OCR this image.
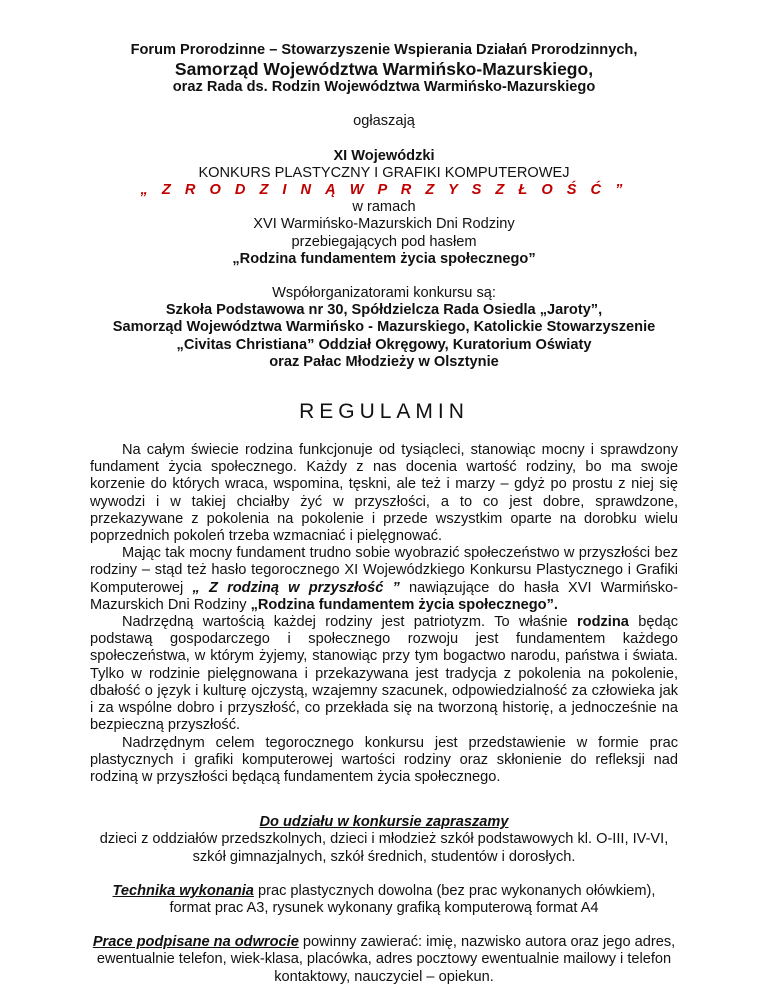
Forum Prorodzinne – Stowarzyszenie Wspierania Działań Prorodzinnych,

Samorząd Województwa Warmińsko-Mazurskiego,

oraz Rada ds. Rodzin Województwa Warmińsko-Mazurskiego

ogłaszają

XI Wojewódzki

KONKURS PLASTYCZNY I GRAFIKI KOMPUTEROWEJ

„ Z R O D Z I N Ą W P R Z Y S Z Ł O Ś Ć ”

w ramach

XVI Warmińsko-Mazurskich Dni Rodziny

przebiegających pod hasłem

„Rodzina fundamentem życia społecznego”

Współorganizatorami konkursu są:

Szkoła Podstawowa nr 30, Spółdzielcza Rada Osiedla „Jaroty”,

Samorząd Województwa Warmińsko - Mazurskiego, Katolickie Stowarzyszenie

„Civitas Christiana” Oddział Okręgowy, Kuratorium Oświaty

oraz Pałac Młodzieży w Olsztynie

REGULAMIN

Na całym świecie rodzina funkcjonuje od tysiącleci, stanowiąc mocny i sprawdzony fundament życia społecznego. Każdy z nas docenia wartość rodziny, bo ma swoje korzenie do których wraca, wspomina, tęskni, ale też i marzy – gdyż po prostu z niej się wywodzi i w takiej chciałby żyć w przyszłości, a to co jest dobre, sprawdzone, przekazywane z pokolenia na pokolenie i przede wszystkim oparte na dorobku wielu poprzednich pokoleń trzeba wzmacniać i pielęgnować.

Mając tak mocny fundament trudno sobie wyobrazić społeczeństwo w przyszłości bez rodziny – stąd też hasło tegorocznego XI Wojewódzkiego Konkursu Plastycznego i Grafiki Komputerowej „ Z rodziną w przyszłość ” nawiązujące do hasła XVI Warmińsko-Mazurskich Dni Rodziny „Rodzina fundamentem życia społecznego”.

Nadrzędną wartością każdej rodziny jest patriotyzm. To właśnie rodzina będąc podstawą gospodarczego i społecznego rozwoju jest fundamentem każdego społeczeństwa, w którym żyjemy, stanowiąc przy tym bogactwo narodu, państwa i świata. Tylko w rodzinie pielęgnowana i przekazywana jest tradycja z pokolenia na pokolenie, dbałość o język i kulturę ojczystą, wzajemny szacunek, odpowiedzialność za człowieka jak i za wspólne dobro i przyszłość, co przekłada się na tworzoną historię, a jednocześnie na bezpieczną przyszłość.

Nadrzędnym celem tegorocznego konkursu jest przedstawienie w formie prac plastycznych i grafiki komputerowej wartości rodziny oraz skłonienie do refleksji nad rodziną w przyszłości będącą fundamentem życia społecznego.

Do udziału w konkursie zapraszamy

dzieci z oddziałów przedszkolnych, dzieci i młodzież szkół podstawowych kl. O-III, IV-VI, szkół gimnazjalnych, szkół średnich, studentów i dorosłych.

Technika wykonania prac plastycznych dowolna (bez prac wykonanych ołówkiem), format prac A3, rysunek wykonany grafiką komputerową format A4

Prace podpisane na odwrocie powinny zawierać: imię, nazwisko autora oraz jego adres, ewentualnie telefon, wiek-klasa, placówka, adres pocztowy ewentualnie mailowy i telefon kontaktowy, nauczyciel – opiekun.
